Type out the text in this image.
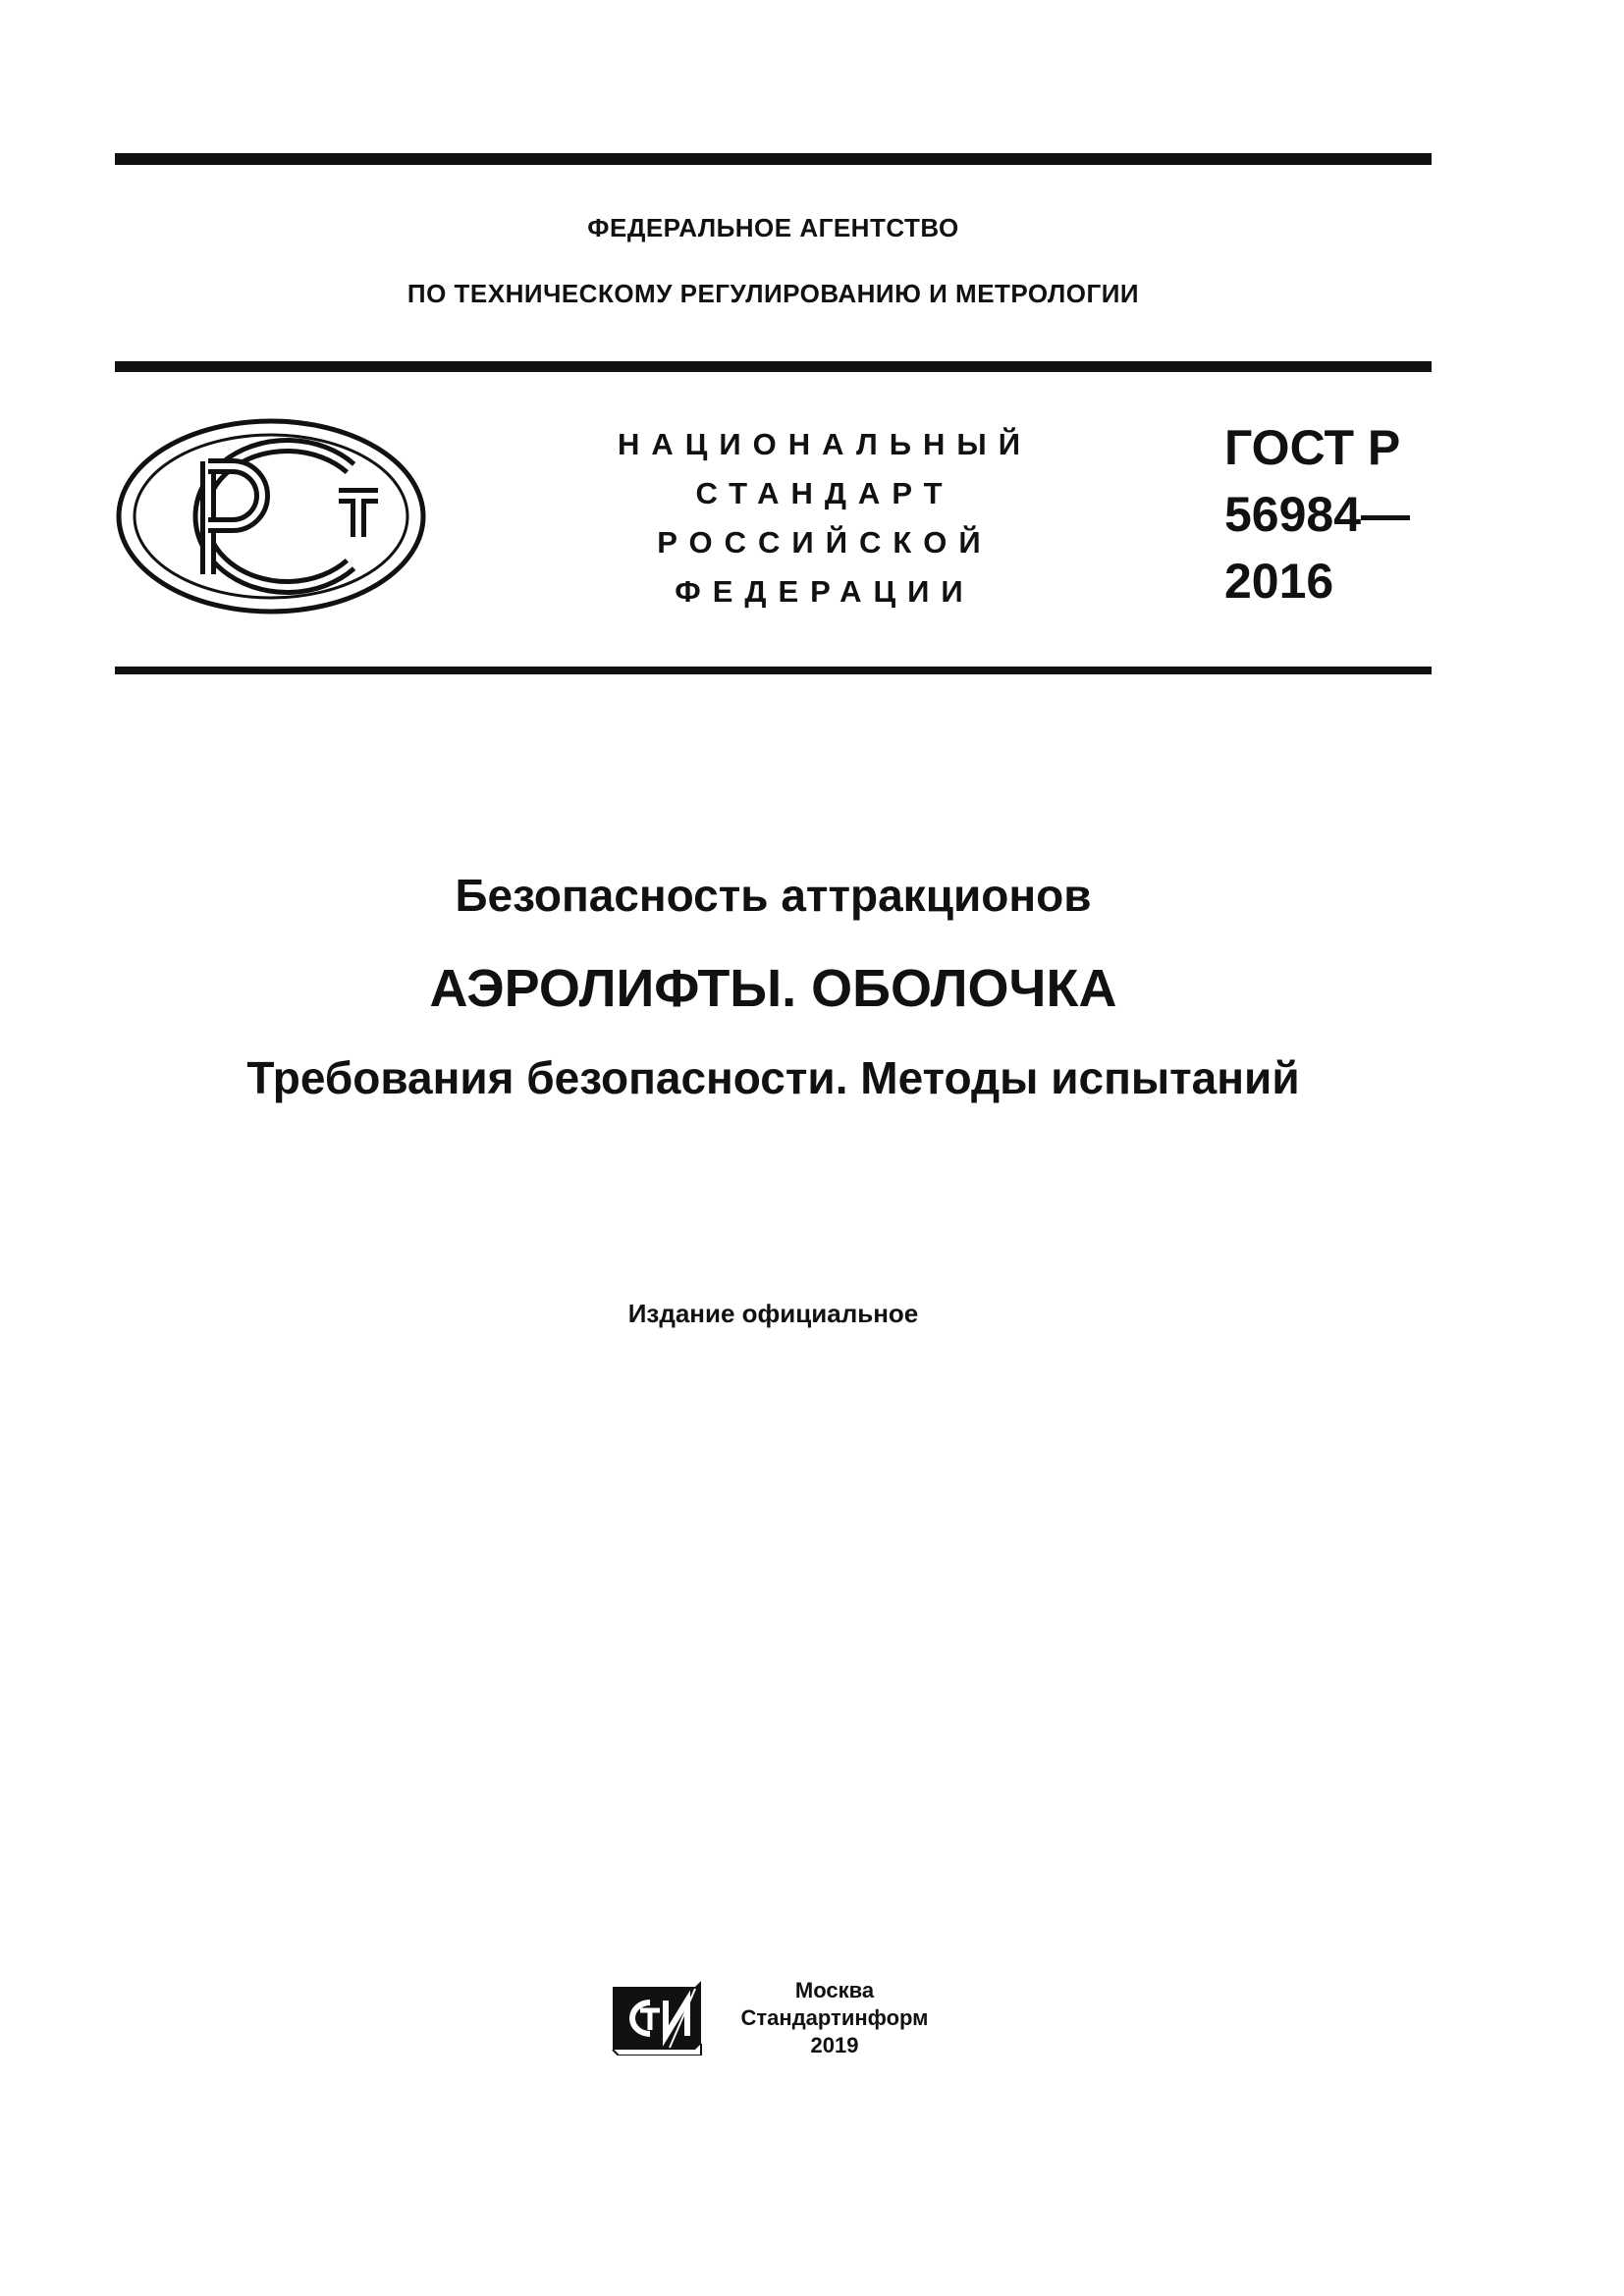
ФЕДЕРАЛЬНОЕ АГЕНТСТВО
ПО ТЕХНИЧЕСКОМУ РЕГУЛИРОВАНИЮ И МЕТРОЛОГИИ
НАЦИОНАЛЬНЫЙ
СТАНДАРТ
РОССИЙСКОЙ
ФЕДЕРАЦИИ
ГОСТ Р
56984—
2016
Безопасность аттракционов
АЭРОЛИФТЫ. ОБОЛОЧКА
Требования безопасности. Методы испытаний
Издание официальное
Москва
Стандартинформ
2019
